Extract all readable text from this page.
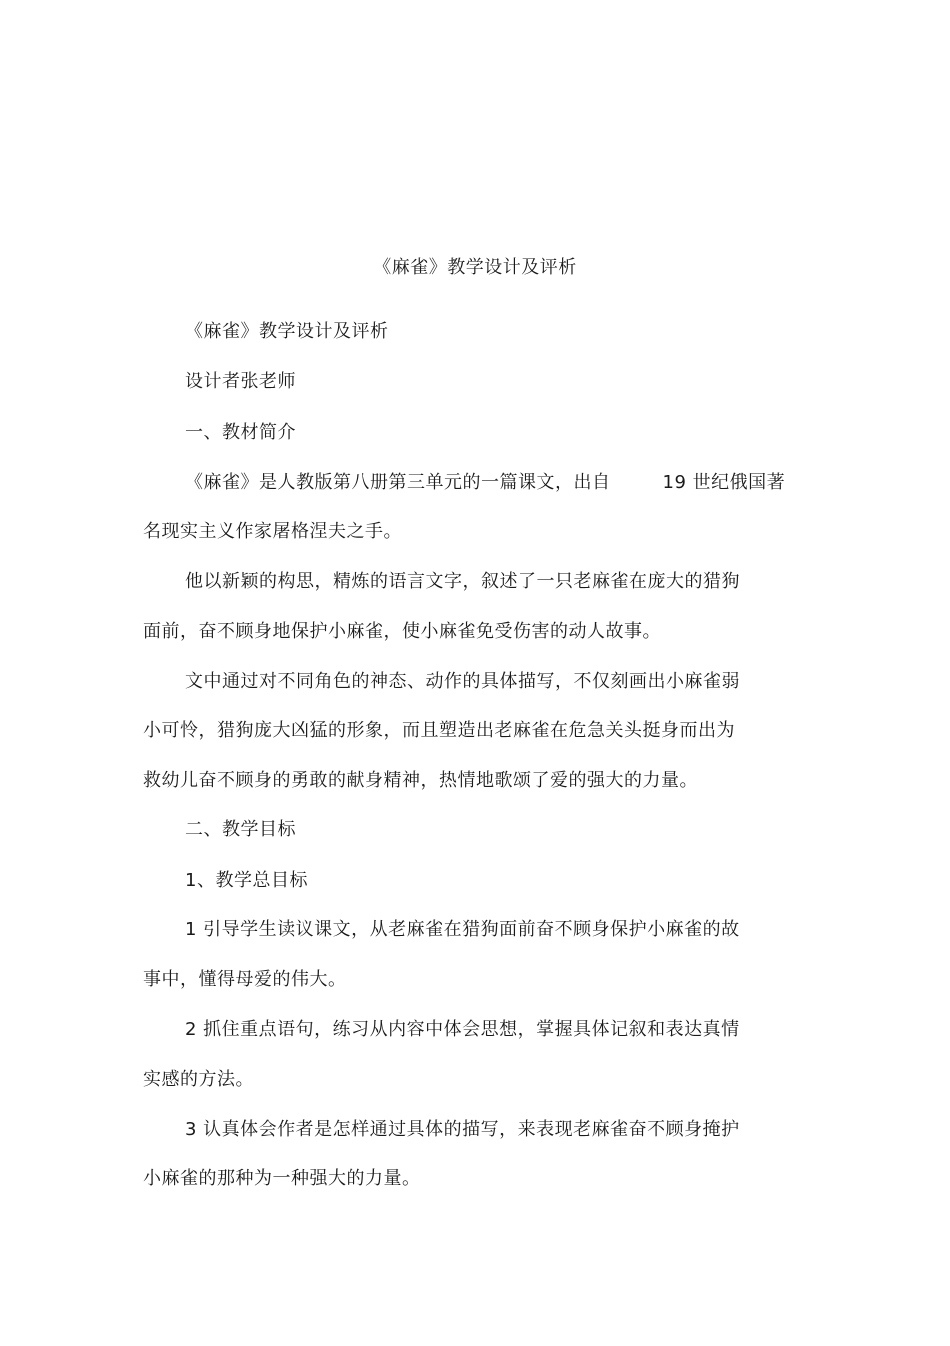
《麻雀》教学设计及评析
《麻雀》教学设计及评析
设计者张老师
一、教材简介
《麻雀》是人教版第八册第三单元的一篇课文，出自	19 世纪俄国著
名现实主义作家屠格涅夫之手。
他以新颖的构思，精炼的语言文字，叙述了一只老麻雀在庞大的猎狗
面前，奋不顾身地保护小麻雀，使小麻雀免受伤害的动人故事。
文中通过对不同角色的神态、动作的具体描写，不仅刻画出小麻雀弱
小可怜，猎狗庞大凶猛的形象，而且塑造出老麻雀在危急关头挺身而出为
救幼儿奋不顾身的勇敢的献身精神，热情地歌颂了爱的强大的力量。
二、教学目标
1、教学总目标
1 引导学生读议课文，从老麻雀在猎狗面前奋不顾身保护小麻雀的故
事中，懂得母爱的伟大。
2 抓住重点语句，练习从内容中体会思想，掌握具体记叙和表达真情
实感的方法。
3 认真体会作者是怎样通过具体的描写，来表现老麻雀奋不顾身掩护
小麻雀的那种为一种强大的力量。
